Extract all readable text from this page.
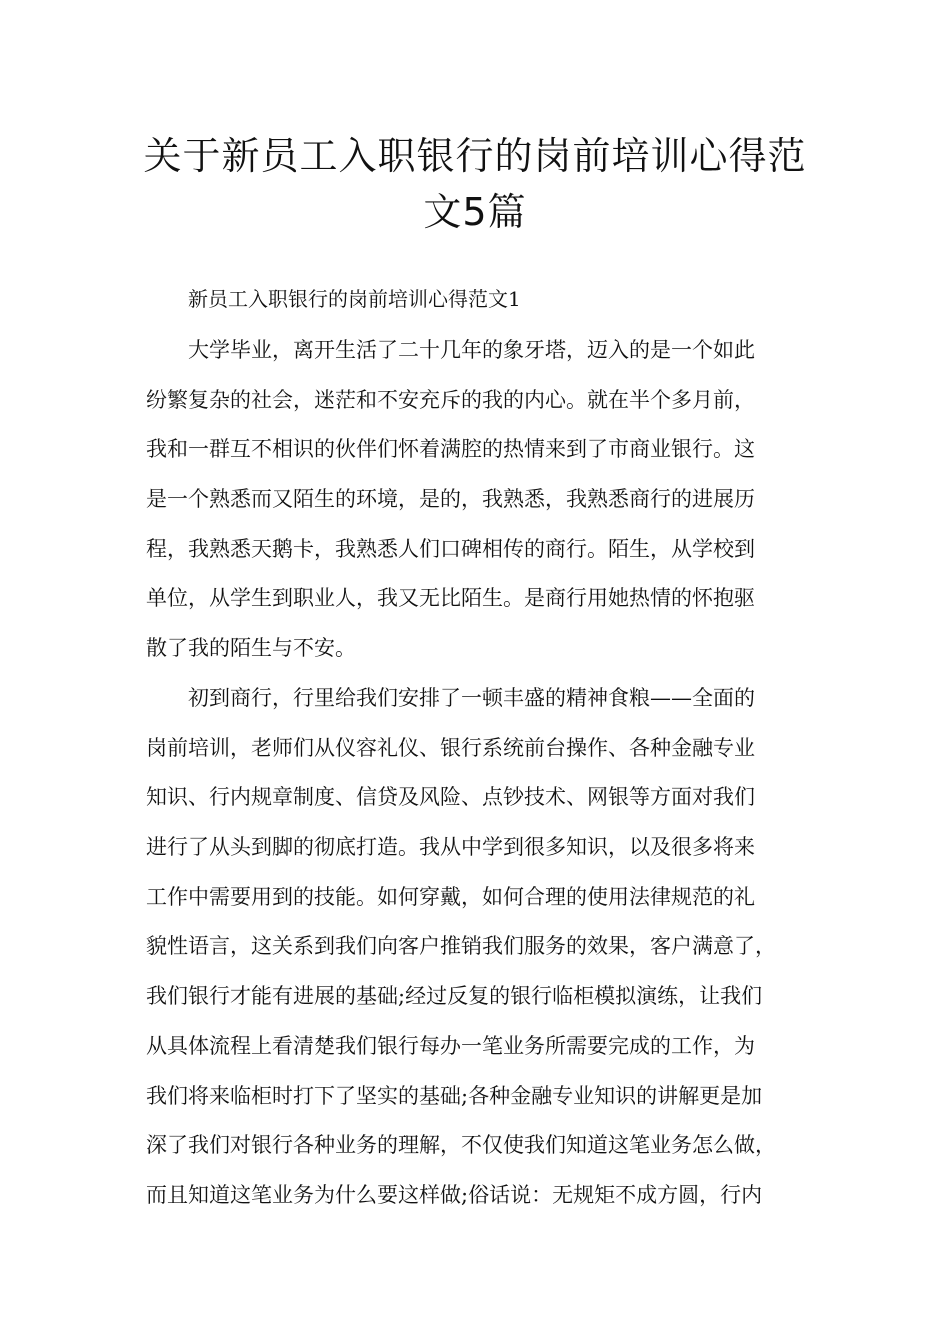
关于新员工入职银行的岗前培训心得范
文5篇

新员工入职银行的岗前培训心得范文1

大学毕业，离开生活了二十几年的象牙塔，迈入的是一个如此
纷繁复杂的社会，迷茫和不安充斥的我的内心。就在半个多月前，
我和一群互不相识的伙伴们怀着满腔的热情来到了市商业银行。这
是一个熟悉而又陌生的环境，是的，我熟悉，我熟悉商行的进展历
程，我熟悉天鹅卡，我熟悉人们口碑相传的商行。陌生，从学校到
单位，从学生到职业人，我又无比陌生。是商行用她热情的怀抱驱
散了我的陌生与不安。

初到商行，行里给我们安排了一顿丰盛的精神食粮——全面的
岗前培训，老师们从仪容礼仪、银行系统前台操作、各种金融专业
知识、行内规章制度、信贷及风险、点钞技术、网银等方面对我们
进行了从头到脚的彻底打造。我从中学到很多知识，以及很多将来
工作中需要用到的技能。如何穿戴，如何合理的使用法律规范的礼
貌性语言，这关系到我们向客户推销我们服务的效果，客户满意了，
我们银行才能有进展的基础;经过反复的银行临柜模拟演练，让我们
从具体流程上看清楚我们银行每办一笔业务所需要完成的工作，为
我们将来临柜时打下了坚实的基础;各种金融专业知识的讲解更是加
深了我们对银行各种业务的理解，不仅使我们知道这笔业务怎么做，
而且知道这笔业务为什么要这样做;俗话说：无规矩不成方圆，行内
